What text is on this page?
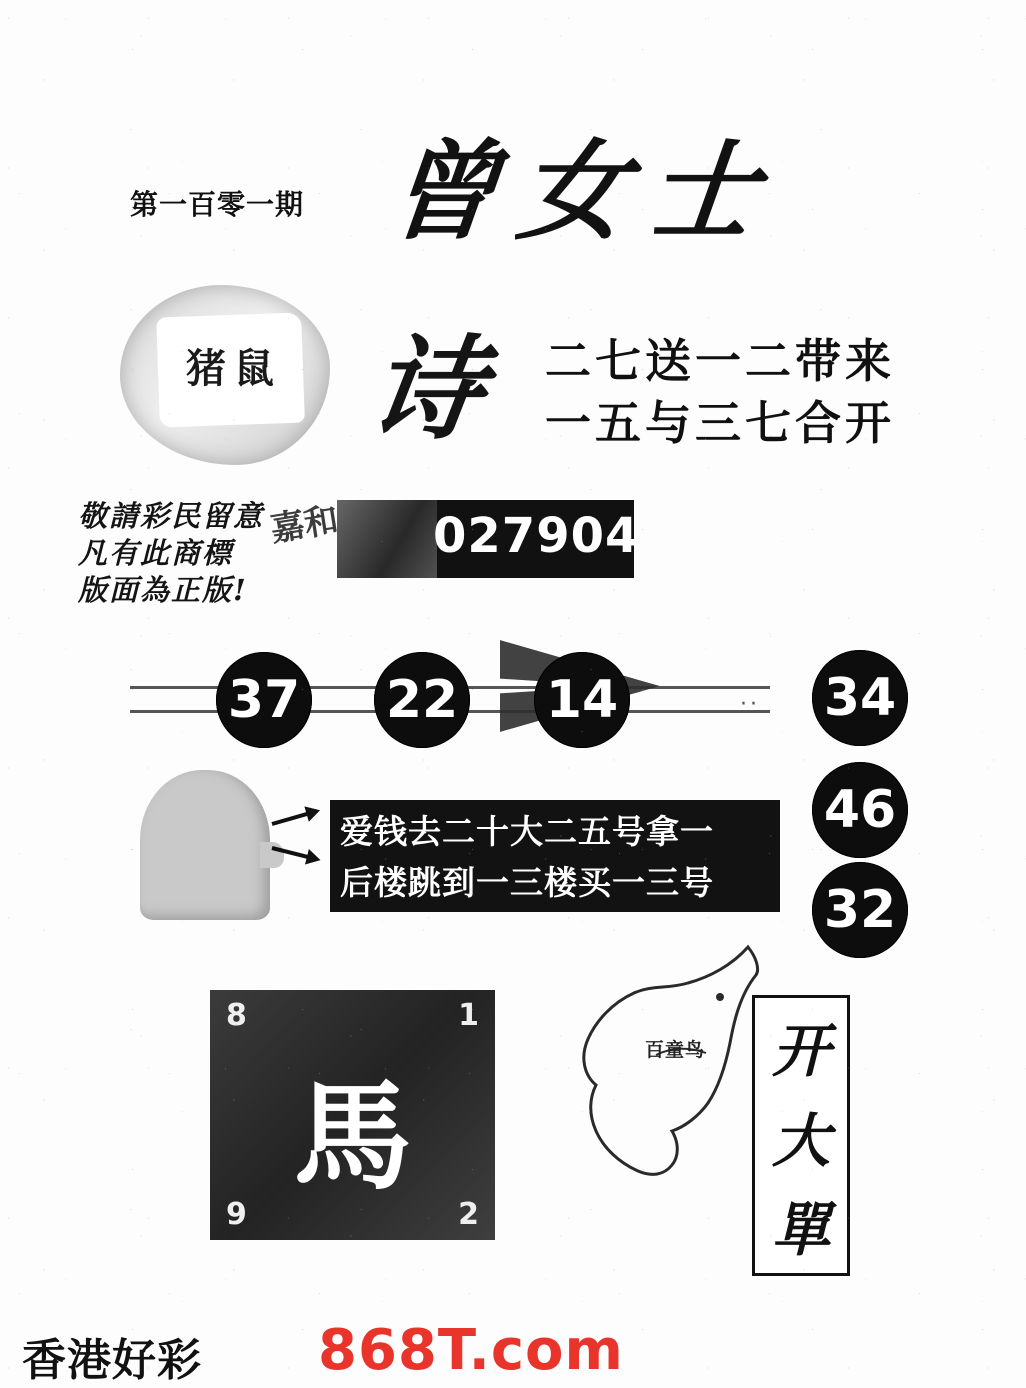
第一百零一期 曾女士
猪鼠 诗 二七送一二带来
一五与三七合开
敬請彩民留意
凡有此商標
版面為正版!
027904
嘉和
··
37 22 14	34
46
32
爱钱去二十大二五号拿一
后楼跳到一三楼买一三号
8	1
9	2
馬
百童鸟 开
大
單
香港好彩 868T.com
